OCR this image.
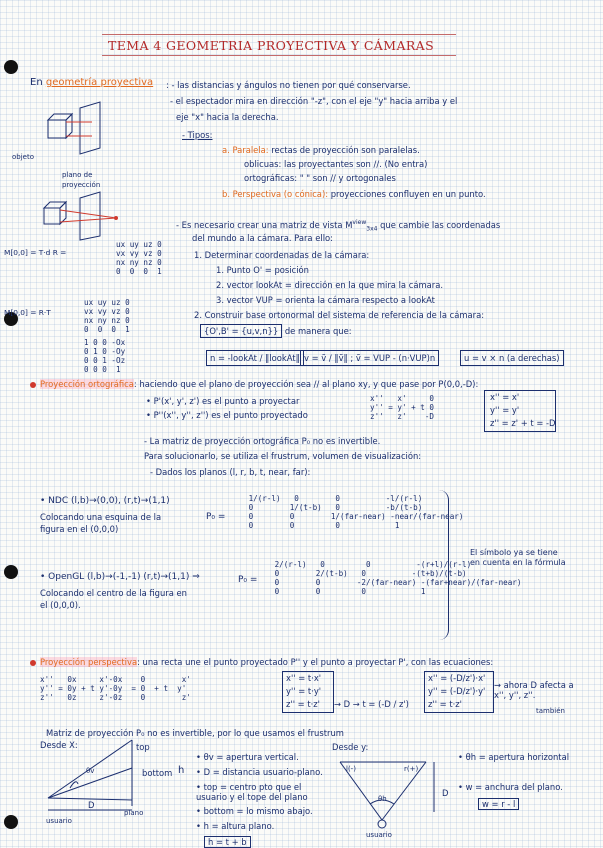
TEMA 4 GEOMETRIA PROYECTIVA Y CÁMARAS
En geometría proyectiva : - las distancias y ángulos no tienen por qué conservarse.
- el espectador mira en dirección "-z", con el eje "y" hacia arriba y el
eje "x" hacia la derecha.
- Tipos:
a. Paralela: rectas de proyección son paralelas.
oblicuas: las proyectantes son //. (No entra)
ortográficas: " " son // y ortogonales
b. Perspectiva (o cónica): proyecciones confluyen en un punto.
objeto
plano de proyección
- Es necesario crear una matriz de vista $M^{view}_{3x4}$ que cambie las coordenadas
del mundo a la cámara. Para ello:
M[0,0] = T·d R =
ux uy uz 0
vx vy vz 0
nx ny nz 0
0  0  0  1
M[0,0] = R·T
ux uy uz 0
vx vy vz 0
nx ny nz 0
0  0  0  1
1 0 0 -Ox
0 1 0 -Oy
0 0 1 -Oz
0 0 0  1
1. Determinar coordenadas de la cámara:
1. Punto O' = posición
2. vector lookAt = dirección en la que mira la cámara.
3. vector VUP = orienta la cámara respecto a lookAt
2. Construir base ortonormal del sistema de referencia de la cámara:
{O',B' = {u,v,n}} de manera que:
n = -lookAt / ‖lookAt‖ v = ṽ / ‖ṽ‖ ; ṽ = VUP - (n·VUP)n	u = v × n (a derechas)
Proyección ortográfica: haciendo que el plano de proyección sea // al plano xy, y que pase por P(0,0,-D):
• P'(x', y', z') es el punto a proyectar
• P''(x'', y'', z'') es el punto proyectado
x''   x'     0
y'' = y' + t 0
z''   z'    -D
x'' = x'
y'' = y'
z'' = z' + t = -D
- La matriz de proyección ortográfica P₀ no es invertible.
Para solucionarlo, se utiliza el frustrum, volumen de visualización:
- Dados los planos (l, r, b, t, near, far):
• NDC (l,b)→(0,0), (r,t)→(1,1)
Colocando una esquina de la
figura en el (0,0,0)
P₀ =
1/(r-l)   0        0          -l/(r-l)
0        1/(t-b)   0          -b/(t-b)
0        0        1/(far-near) -near/(far-near)
0        0         0            1
• OpenGL (l,b)→(-1,-1) (r,t)→(1,1) ⇒
Colocando el centro de la figura en
el (0,0,0).
P₀ =
2/(r-l)   0         0          -(r+l)/(r-l)
0        2/(t-b)   0          -(t+b)/(t-b)
0        0        -2/(far-near) -(far+near)/(far-near)
0        0         0            1
El símbolo ya se tiene en cuenta en la fórmula
Proyección perspectiva: una recta une el punto proyectado P'' y el punto a proyectar P', con las ecuaciones:
x''   0x     x'-0x    0        x'
y'' = 0y + t y'-0y  = 0  + t  y'
z''   0z     z'-0z    0        z'
x'' = t·x'
y'' = t·y'
z'' = t·z' → D → t = (-D / z')
x'' = (-D/z')·x'
y'' = (-D/z')·y'
z'' = t·z'
→ ahora D afecta a x'', y'', z''.
también
Matriz de proyección P₀ no es invertible, por lo que usamos el frustrum
Desde X:	top
bottom h
D
usuario
plano
θv
• θv = apertura vertical.
• D = distancia usuario-plano.
• top = centro pto que el usuario y el tope del plano
• bottom = lo mismo abajo.
• h = altura plano.
h = t + b
Desde y:
l(-)	r(+)
θh
D
usuario
• θh = apertura horizontal
• w = anchura del plano.
w = r - l
